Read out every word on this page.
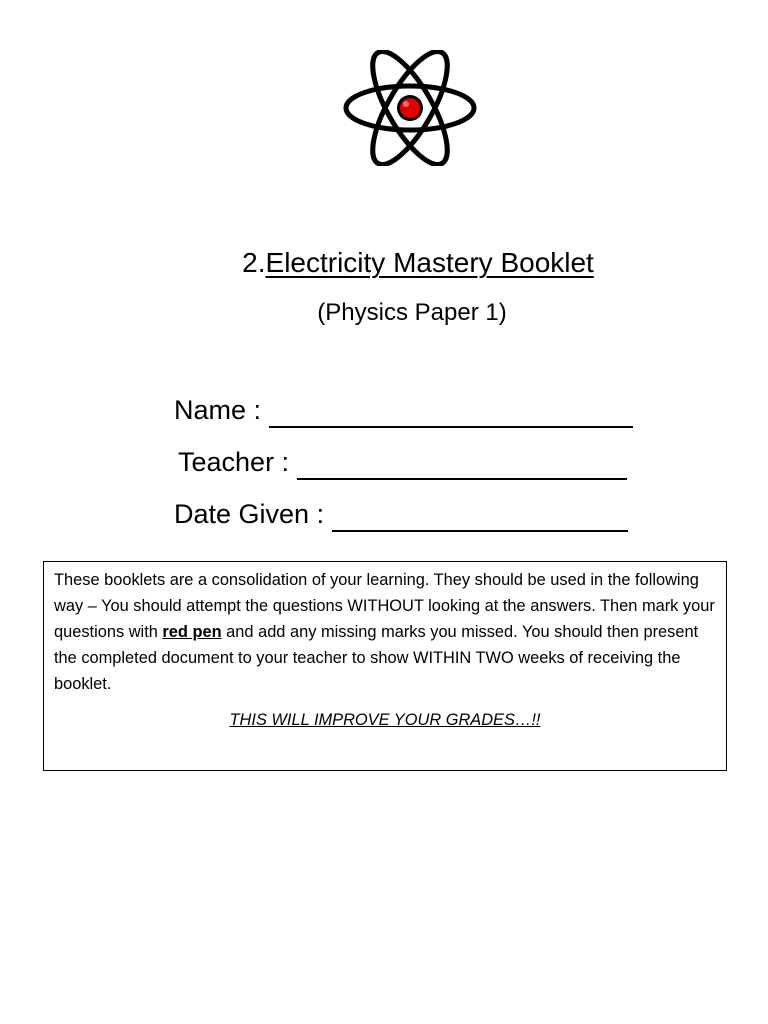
2.Electricity Mastery Booklet
(Physics Paper 1)
Name :
Teacher :
Date Given :

These booklets are a consolidation of your learning. They should be used in the following way – You should attempt the questions WITHOUT looking at the answers. Then mark your questions with red pen and add any missing marks you missed. You should then present the completed document to your teacher to show WITHIN TWO weeks of receiving the booklet.

THIS WILL IMPROVE YOUR GRADES…!!
